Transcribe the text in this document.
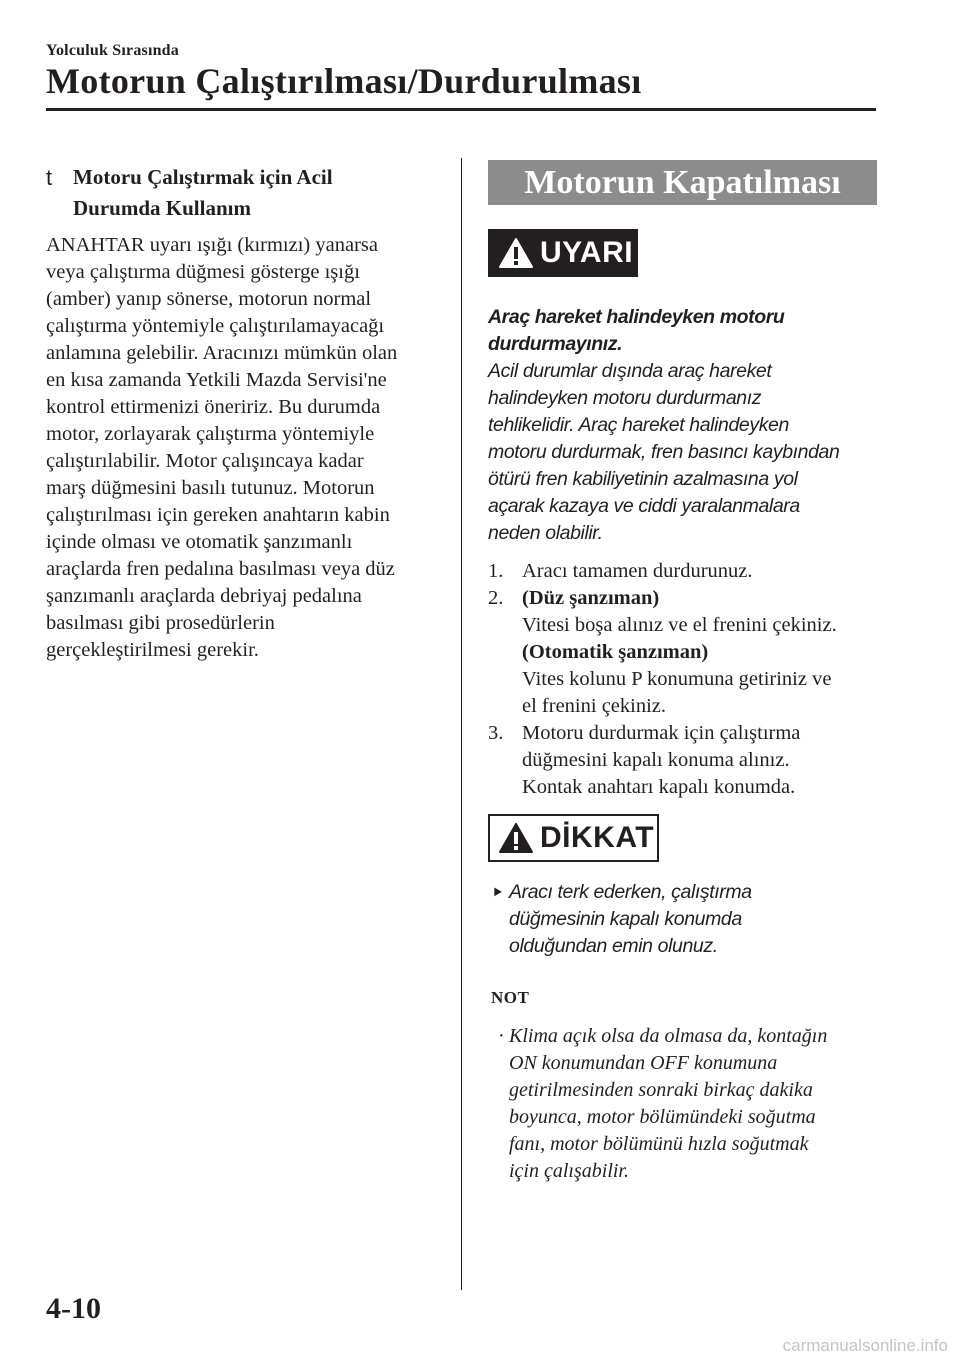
Yolculuk Sırasında
Motorun Çalıştırılması/Durdurulması
t Motoru Çalıştırmak için Acil
Durumda Kullanım
ANAHTAR uyarı ışığı (kırmızı) yanarsa
veya çalıştırma düğmesi gösterge ışığı
(amber) yanıp sönerse, motorun normal
çalıştırma yöntemiyle çalıştırılamayacağı
anlamına gelebilir. Aracınızı mümkün olan
en kısa zamanda Yetkili Mazda Servisi'ne
kontrol ettirmenizi öneririz. Bu durumda
motor, zorlayarak çalıştırma yöntemiyle
çalıştırılabilir. Motor çalışıncaya kadar
marş düğmesini basılı tutunuz. Motorun
çalıştırılması için gereken anahtarın kabin
içinde olması ve otomatik şanzımanlı
araçlarda fren pedalına basılması veya düz
şanzımanlı araçlarda debriyaj pedalına
basılması gibi prosedürlerin
gerçekleştirilmesi gerekir.
Motorun Kapatılması
UYARI
Araç hareket halindeyken motoru
durdurmayınız.
Acil durumlar dışında araç hareket
halindeyken motoru durdurmanız
tehlikelidir. Araç hareket halindeyken
motoru durdurmak, fren basıncı kaybından
ötürü fren kabiliyetinin azalmasına yol
açarak kazaya ve ciddi yaralanmalara
neden olabilir.
1. Aracı tamamen durdurunuz.
2. (Düz şanzıman)
Vitesi boşa alınız ve el frenini çekiniz.
(Otomatik şanzıman)
Vites kolunu P konumuna getiriniz ve
el frenini çekiniz.
3. Motoru durdurmak için çalıştırma
düğmesini kapalı konuma alınız.
Kontak anahtarı kapalı konumda.
DİKKAT
⯈ Aracı terk ederken, çalıştırma
düğmesinin kapalı konumda
olduğundan emin olunuz.
NOT
· Klima açık olsa da olmasa da, kontağın
ON konumundan OFF konumuna
getirilmesinden sonraki birkaç dakika
boyunca, motor bölümündeki soğutma
fanı, motor bölümünü hızla soğutmak
için çalışabilir.
4-10
carmanualsonline.info
